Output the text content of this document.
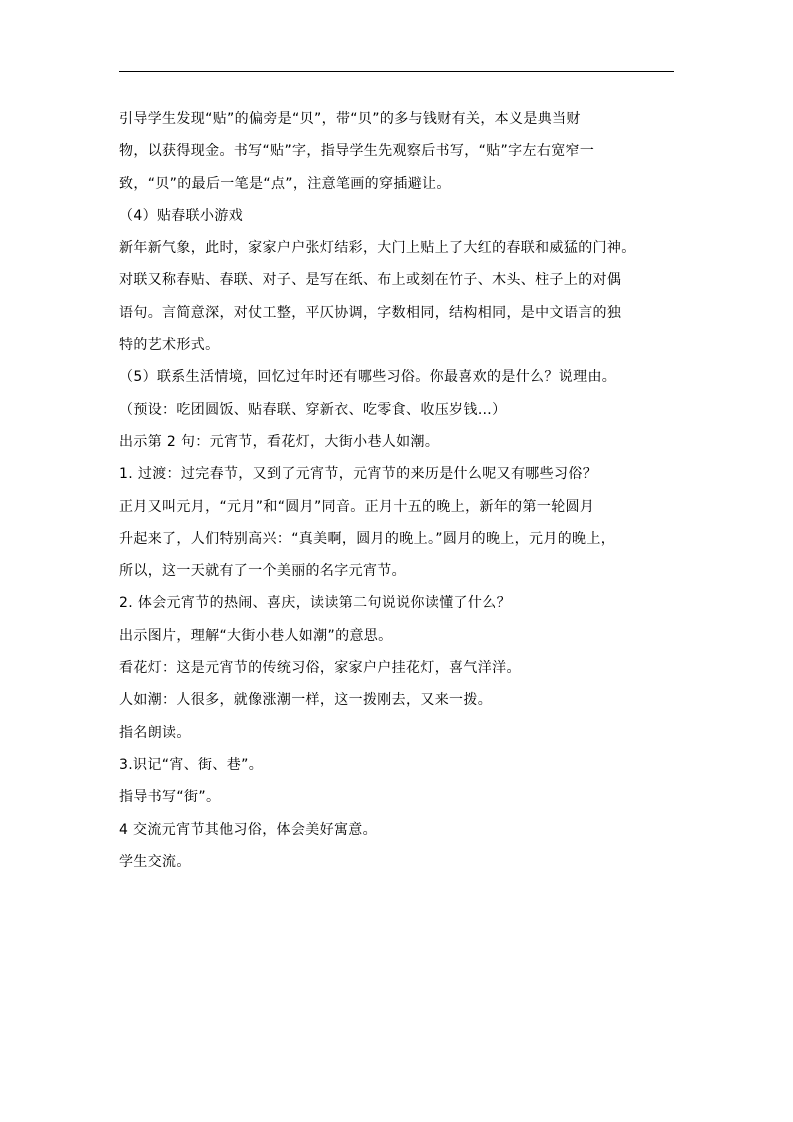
引导学生发现“贴”的偏旁是“贝”，带“贝”的多与钱财有关，本义是典当财
物，以获得现金。书写“贴”字，指导学生先观察后书写，“贴”字左右宽窄一
致，“贝”的最后一笔是“点”，注意笔画的穿插避让。
（4）贴春联小游戏
新年新气象，此时，家家户户张灯结彩，大门上贴上了大红的春联和威猛的门神。
对联又称春贴、春联、对子、是写在纸、布上或刻在竹子、木头、柱子上的对偶
语句。言简意深，对仗工整，平仄协调，字数相同，结构相同，是中文语言的独
特的艺术形式。
（5）联系生活情境，回忆过年时还有哪些习俗。你最喜欢的是什么？说理由。
（预设：吃团圆饭、贴春联、穿新衣、吃零食、收压岁钱…）
出示第 2 句：元宵节，看花灯，大街小巷人如潮。
1. 过渡：过完春节，又到了元宵节，元宵节的来历是什么呢又有哪些习俗？
正月又叫元月，“元月”和“圆月”同音。正月十五的晚上，新年的第一轮圆月
升起来了，人们特别高兴：“真美啊，圆月的晚上。”圆月的晚上，元月的晚上，
所以，这一天就有了一个美丽的名字元宵节。
2. 体会元宵节的热闹、喜庆，读读第二句说说你读懂了什么？
出示图片，理解“大街小巷人如潮”的意思。
看花灯：这是元宵节的传统习俗，家家户户挂花灯，喜气洋洋。
人如潮：人很多，就像涨潮一样，这一拨刚去，又来一拨。
指名朗读。
3.识记“宵、街、巷”。
指导书写“街”。
4 交流元宵节其他习俗，体会美好寓意。
学生交流。
